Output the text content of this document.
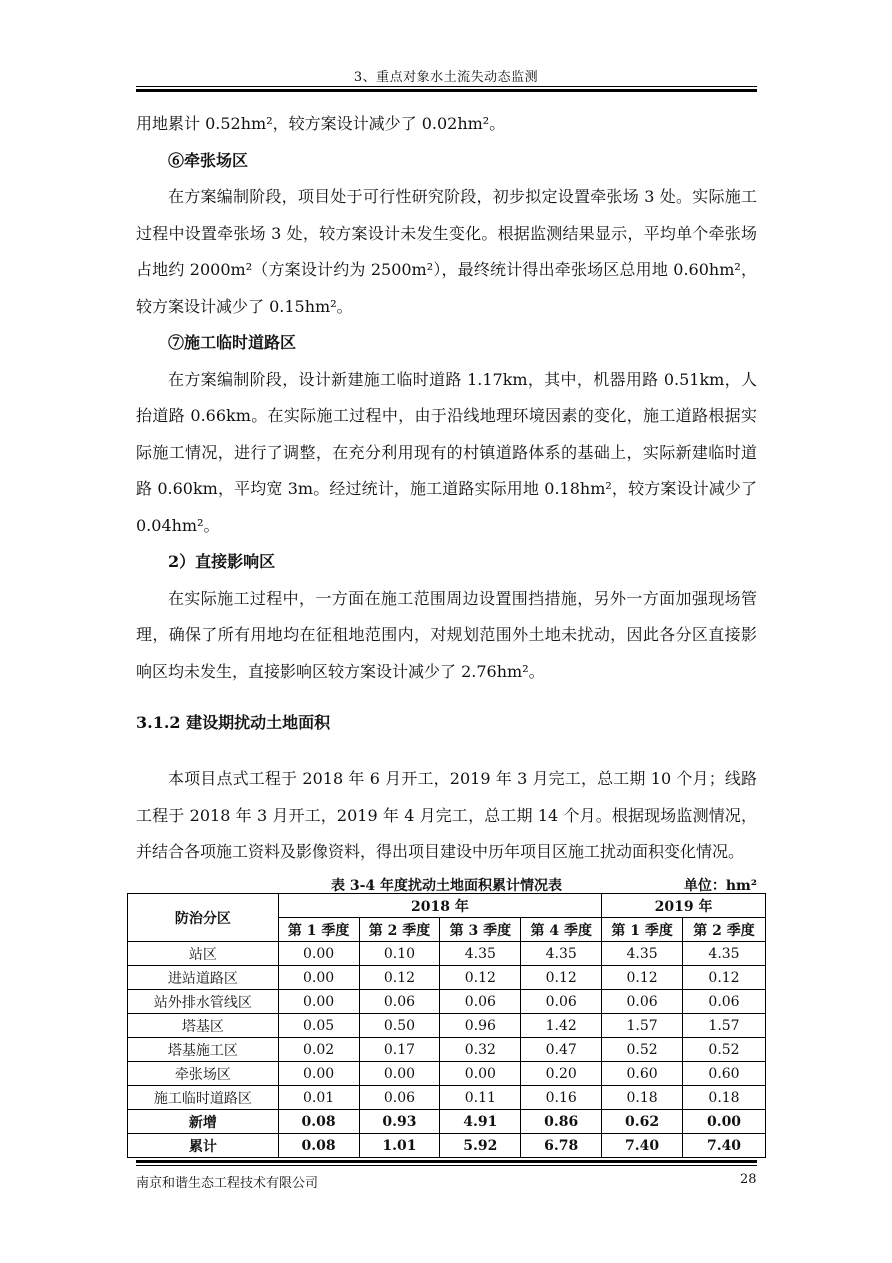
3、重点对象水土流失动态监测

用地累计 0.52hm²，较方案设计减少了 0.02hm²。

⑥牵张场区

在方案编制阶段，项目处于可行性研究阶段，初步拟定设置牵张场 3 处。实际施工过程中设置牵张场 3 处，较方案设计未发生变化。根据监测结果显示，平均单个牵张场占地约 2000m²（方案设计约为 2500m²），最终统计得出牵张场区总用地 0.60hm²，较方案设计减少了 0.15hm²。

⑦施工临时道路区

在方案编制阶段，设计新建施工临时道路 1.17km，其中，机器用路 0.51km，人抬道路 0.66km。在实际施工过程中，由于沿线地理环境因素的变化，施工道路根据实际施工情况，进行了调整，在充分利用现有的村镇道路体系的基础上，实际新建临时道路 0.60km，平均宽 3m。经过统计，施工道路实际用地 0.18hm²，较方案设计减少了 0.04hm²。

2）直接影响区

在实际施工过程中，一方面在施工范围周边设置围挡措施，另外一方面加强现场管理，确保了所有用地均在征租地范围内，对规划范围外土地未扰动，因此各分区直接影响区均未发生，直接影响区较方案设计减少了 2.76hm²。

3.1.2 建设期扰动土地面积

本项目点式工程于 2018 年 6 月开工，2019 年 3 月完工，总工期 10 个月；线路工程于 2018 年 3 月开工，2019 年 4 月完工，总工期 14 个月。根据现场监测情况，并结合各项施工资料及影像资料，得出项目建设中历年项目区施工扰动面积变化情况。

表 3-4 年度扰动土地面积累计情况表	单位：hm²
防治分区	2018 年				2019 年	
	第 1 季度	第 2 季度	第 3 季度	第 4 季度	第 1 季度	第 2 季度
站区	0.00	0.10	4.35	4.35	4.35	4.35
进站道路区	0.00	0.12	0.12	0.12	0.12	0.12
站外排水管线区	0.00	0.06	0.06	0.06	0.06	0.06
塔基区	0.05	0.50	0.96	1.42	1.57	1.57
塔基施工区	0.02	0.17	0.32	0.47	0.52	0.52
牵张场区	0.00	0.00	0.00	0.20	0.60	0.60
施工临时道路区	0.01	0.06	0.11	0.16	0.18	0.18
新增	0.08	0.93	4.91	0.86	0.62	0.00
累计	0.08	1.01	5.92	6.78	7.40	7.40
南京和谐生态工程技术有限公司	28
